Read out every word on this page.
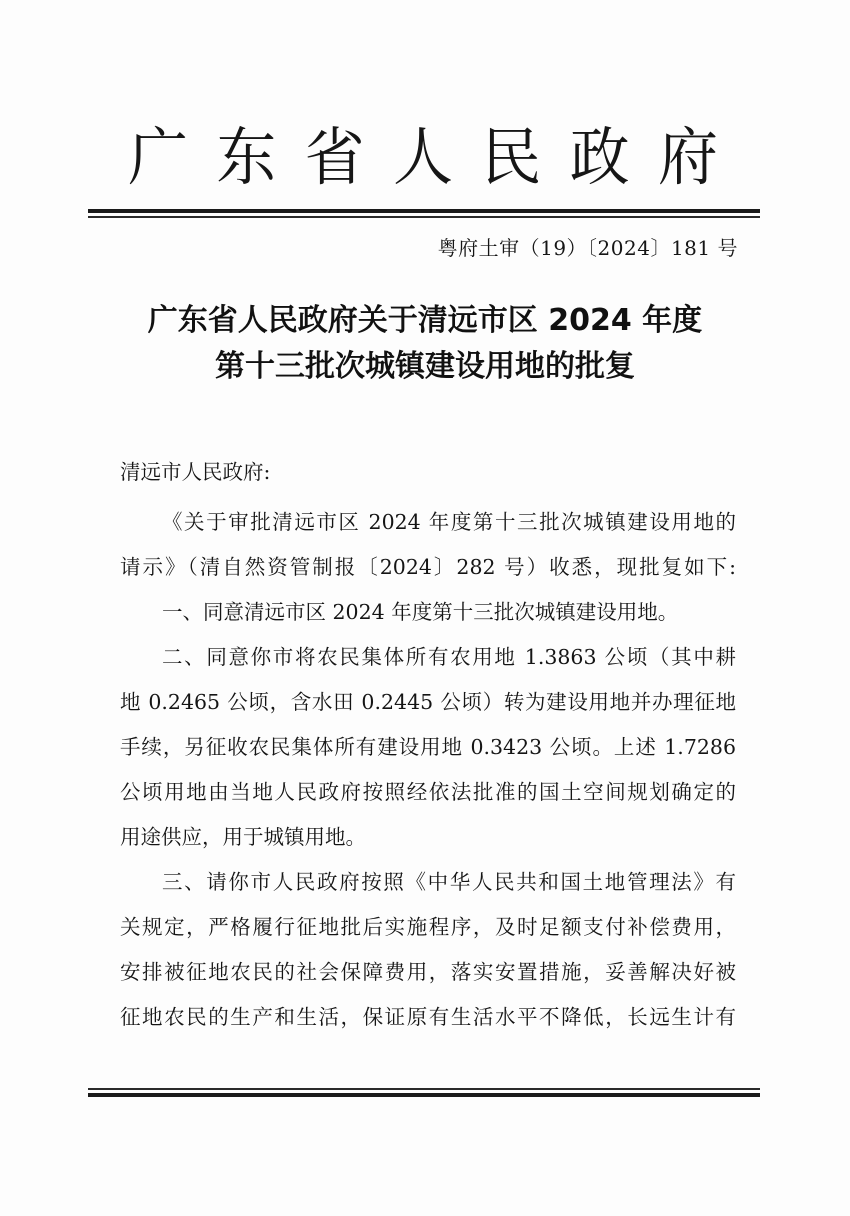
广 东 省 人 民 政 府
粤府土审（19）〔2024〕181 号
广东省人民政府关于清远市区 2024 年度
第十三批次城镇建设用地的批复
清远市人民政府:
《关于审批清远市区 2024 年度第十三批次城镇建设用地的
请示》（清自然资管制报〔2024〕282 号）收悉，现批复如下:
一、同意清远市区 2024 年度第十三批次城镇建设用地。
二、同意你市将农民集体所有农用地 1.3863 公顷（其中耕
地 0.2465 公顷，含水田 0.2445 公顷）转为建设用地并办理征地
手续，另征收农民集体所有建设用地 0.3423 公顷。上述 1.7286
公顷用地由当地人民政府按照经依法批准的国土空间规划确定的
用途供应，用于城镇用地。
三、请你市人民政府按照《中华人民共和国土地管理法》有
关规定，严格履行征地批后实施程序，及时足额支付补偿费用，
安排被征地农民的社会保障费用，落实安置措施，妥善解决好被
征地农民的生产和生活，保证原有生活水平不降低，长远生计有
